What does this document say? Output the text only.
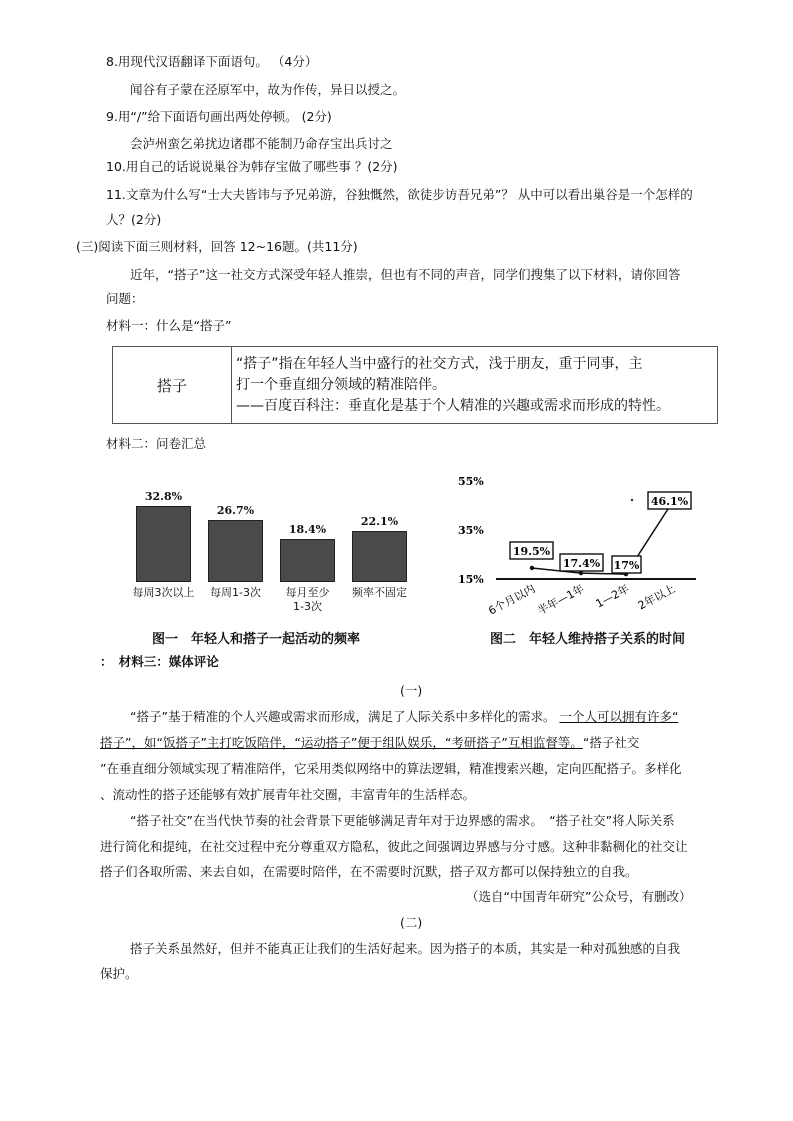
8.用现代汉语翻译下面语句。 （4分）
闻谷有子蒙在泾原军中，故为作传，异日以授之。
9.用“/”给下面语句画出两处停顿。 (2分)
会泸州蛮乞弟扰边诸郡不能制乃命存宝出兵讨之
10.用自己的话说说巢谷为韩存宝做了哪些事 ？(2分)
11.文章为什么写“士大夫皆讳与予兄弟游，谷独慨然，欲徒步访吾兄弟”？ 从中可以看出巢谷是一个怎样的
人？(2分)
(三)阅读下面三则材料，回答 12~16题。(共11分)
近年，“搭子”这一社交方式深受年轻人推崇，但也有不同的声音，同学们搜集了以下材料，请你回答
问题：
材料一：什么是“搭子”
搭子	
“搭子”指在年轻人当中盛行的社交方式，浅于朋友，重于同事，主
打一个垂直细分领域的精准陪伴。
——百度百科注：垂直化是基于个人精准的兴趣或需求而形成的特性。
材料二：问卷汇总
图一　年轻人和搭子一起活动的频率
32.8%
每周3次以上
26.7%
每周1-3次
18.4%
每月至少
1-3次
22.1%
频率不固定
55%
35%
15%
19.5%
6个月以内
17.4%
半年—1年
17%
1—2年
46.1%
2年以上
图二　年轻人维持搭子关系的时间
：　材料三：媒体评论
(一)
“搭子”基于精准的个人兴趣或需求而形成，满足了人际关系中多样化的需求。 一个人可以拥有许多“
搭子”，如“饭搭子”主打吃饭陪伴，“运动搭子”便于组队娱乐，“考研搭子”互相监督等。“搭子社交
”在垂直细分领域实现了精准陪伴，它采用类似网络中的算法逻辑，精准搜索兴趣，定向匹配搭子。多样化
、流动性的搭子还能够有效扩展青年社交圈，丰富青年的生活样态。
“搭子社交”在当代快节奏的社会背景下更能够满足青年对于边界感的需求。　“搭子社交”将人际关系
进行简化和提纯，在社交过程中充分尊重双方隐私，彼此之间强调边界感与分寸感。这种非黏稠化的社交让
搭子们各取所需、来去自如，在需要时陪伴，在不需要时沉默，搭子双方都可以保持独立的自我。
（选自“中国青年研究”公众号，有删改）
(二)
搭子关系虽然好，但并不能真正让我们的生活好起来。因为搭子的本质，其实是一种对孤独感的自我
保护。
